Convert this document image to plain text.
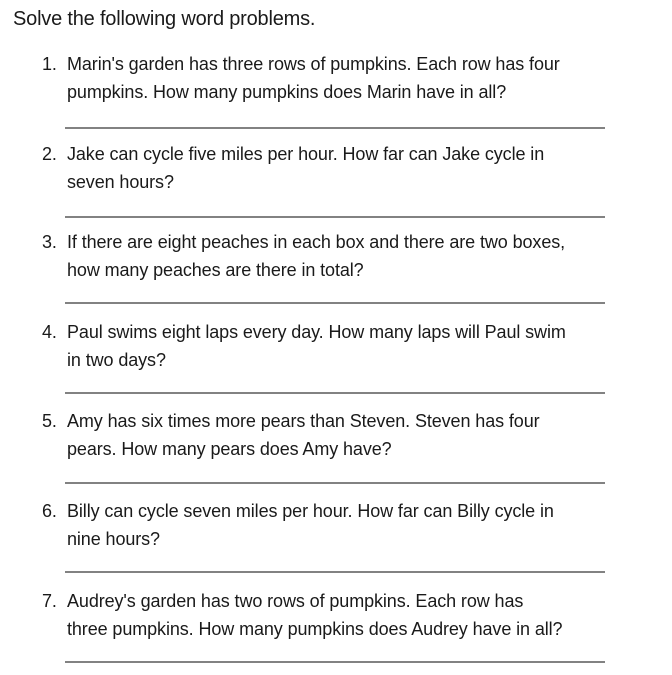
Solve the following word problems.
1. Marin's garden has three rows of pumpkins. Each row has four
pumpkins. How many pumpkins does Marin have in all?
2. Jake can cycle five miles per hour. How far can Jake cycle in
seven hours?
3. If there are eight peaches in each box and there are two boxes,
how many peaches are there in total?
4. Paul swims eight laps every day. How many laps will Paul swim
in two days?
5. Amy has six times more pears than Steven. Steven has four
pears. How many pears does Amy have?
6. Billy can cycle seven miles per hour. How far can Billy cycle in
nine hours?
7. Audrey's garden has two rows of pumpkins. Each row has
three pumpkins. How many pumpkins does Audrey have in all?
